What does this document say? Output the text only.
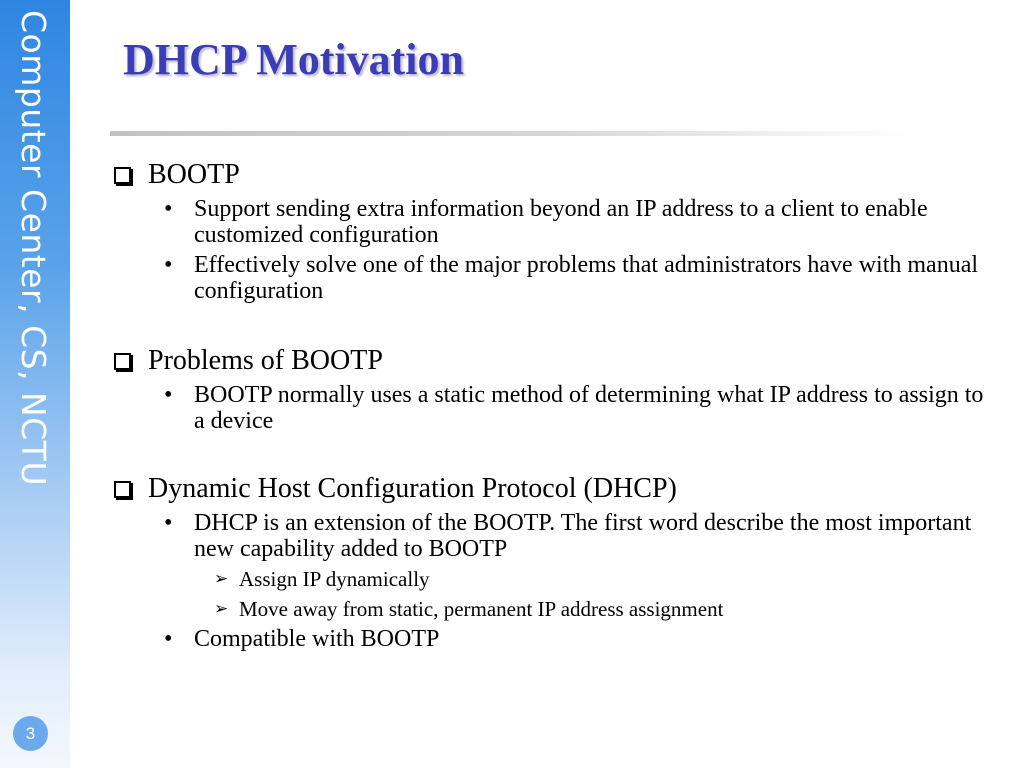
Computer Center, CS, NCTU
3
DHCP Motivation
BOOTP
• Support sending extra information beyond an IP address to a client to enable customized configuration
• Effectively solve one of the major problems that administrators have with manual configuration
Problems of BOOTP
• BOOTP normally uses a static method of determining what IP address to assign to a device
Dynamic Host Configuration Protocol (DHCP)
• DHCP is an extension of the BOOTP. The first word describe the most important new capability added to BOOTP
➢ Assign IP dynamically
➢ Move away from static, permanent IP address assignment
• Compatible with BOOTP
